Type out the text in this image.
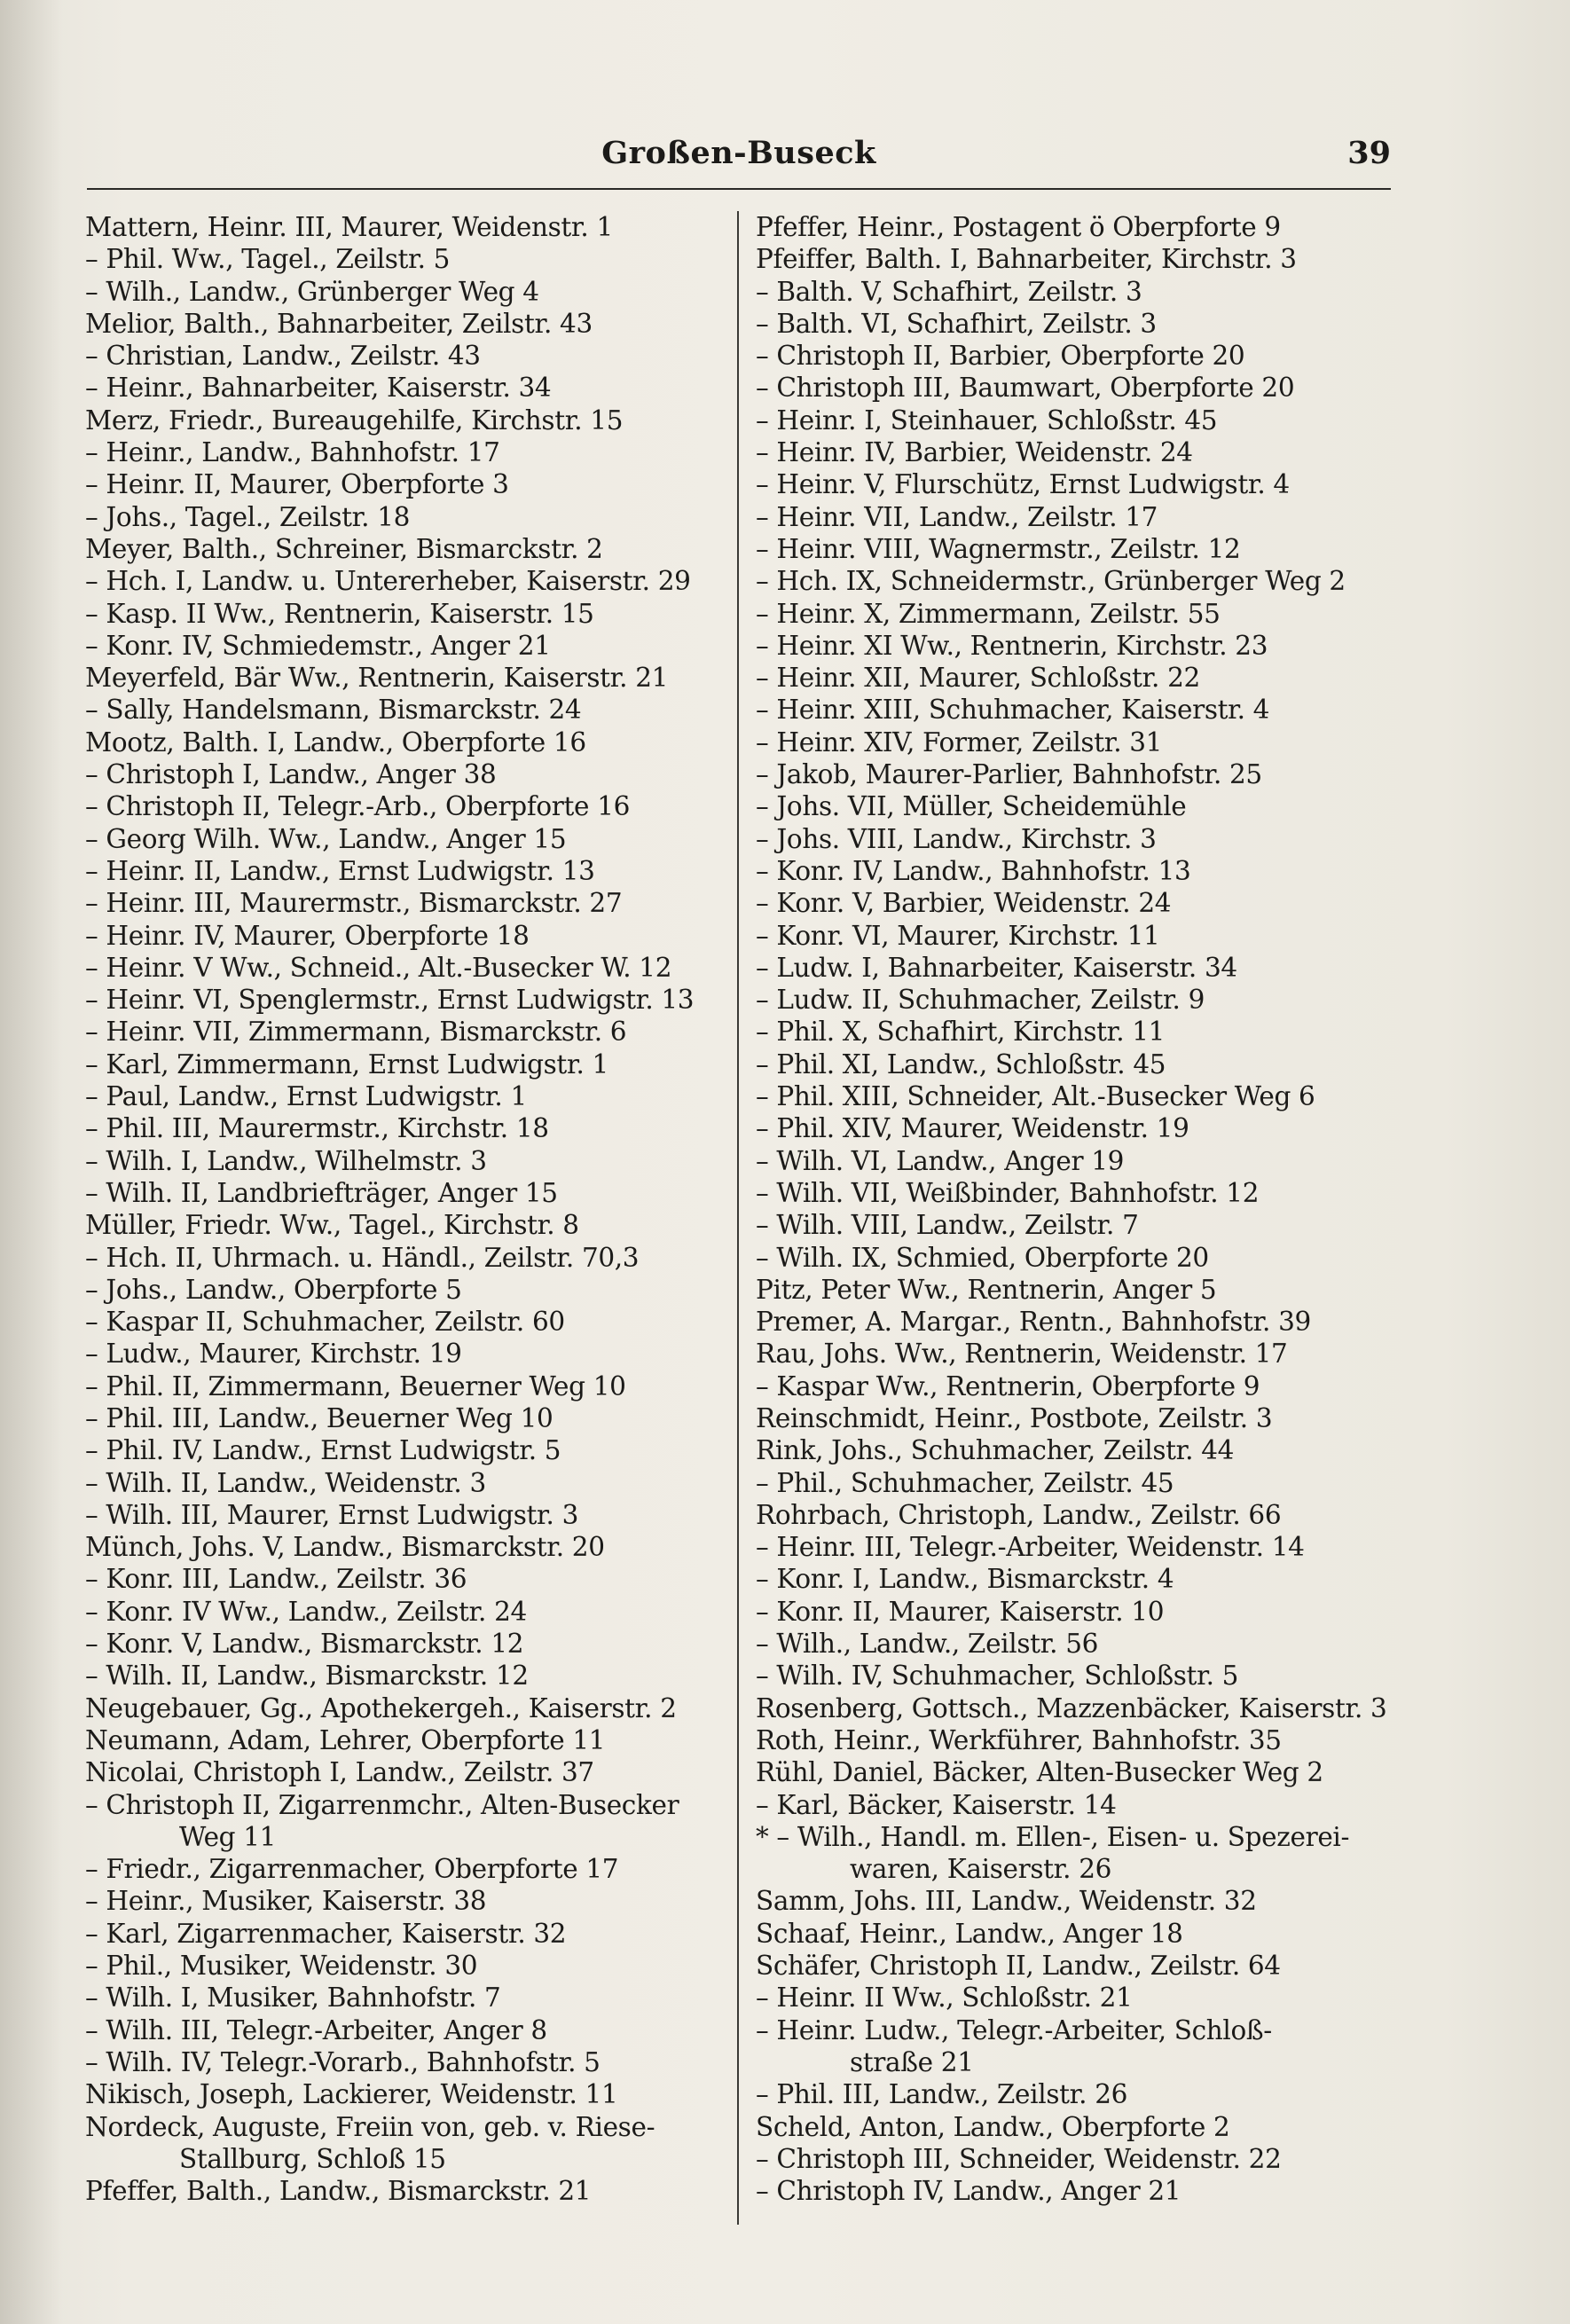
Großen-Buseck	39
Mattern, Heinr. III, Maurer, Weidenstr. 1
– Phil. Ww., Tagel., Zeilstr. 5
– Wilh., Landw., Grünberger Weg 4
Melior, Balth., Bahnarbeiter, Zeilstr. 43
– Christian, Landw., Zeilstr. 43
– Heinr., Bahnarbeiter, Kaiserstr. 34
Merz, Friedr., Bureaugehilfe, Kirchstr. 15
– Heinr., Landw., Bahnhofstr. 17
– Heinr. II, Maurer, Oberpforte 3
– Johs., Tagel., Zeilstr. 18
Meyer, Balth., Schreiner, Bismarckstr. 2
– Hch. I, Landw. u. Untererheber, Kaiserstr. 29
– Kasp. II Ww., Rentnerin, Kaiserstr. 15
– Konr. IV, Schmiedemstr., Anger 21
Meyerfeld, Bär Ww., Rentnerin, Kaiserstr. 21
– Sally, Handelsmann, Bismarckstr. 24
Mootz, Balth. I, Landw., Oberpforte 16
– Christoph I, Landw., Anger 38
– Christoph II, Telegr.-Arb., Oberpforte 16
– Georg Wilh. Ww., Landw., Anger 15
– Heinr. II, Landw., Ernst Ludwigstr. 13
– Heinr. III, Maurermstr., Bismarckstr. 27
– Heinr. IV, Maurer, Oberpforte 18
– Heinr. V Ww., Schneid., Alt.-Busecker W. 12
– Heinr. VI, Spenglermstr., Ernst Ludwigstr. 13
– Heinr. VII, Zimmermann, Bismarckstr. 6
– Karl, Zimmermann, Ernst Ludwigstr. 1
– Paul, Landw., Ernst Ludwigstr. 1
– Phil. III, Maurermstr., Kirchstr. 18
– Wilh. I, Landw., Wilhelmstr. 3
– Wilh. II, Landbriefträger, Anger 15
Müller, Friedr. Ww., Tagel., Kirchstr. 8
– Hch. II, Uhrmach. u. Händl., Zeilstr. 70,3
– Johs., Landw., Oberpforte 5
– Kaspar II, Schuhmacher, Zeilstr. 60
– Ludw., Maurer, Kirchstr. 19
– Phil. II, Zimmermann, Beuerner Weg 10
– Phil. III, Landw., Beuerner Weg 10
– Phil. IV, Landw., Ernst Ludwigstr. 5
– Wilh. II, Landw., Weidenstr. 3
– Wilh. III, Maurer, Ernst Ludwigstr. 3
Münch, Johs. V, Landw., Bismarckstr. 20
– Konr. III, Landw., Zeilstr. 36
– Konr. IV Ww., Landw., Zeilstr. 24
– Konr. V, Landw., Bismarckstr. 12
– Wilh. II, Landw., Bismarckstr. 12
Neugebauer, Gg., Apothekergeh., Kaiserstr. 2
Neumann, Adam, Lehrer, Oberpforte 11
Nicolai, Christoph I, Landw., Zeilstr. 37
– Christoph II, Zigarrenmchr., Alten-Busecker
Weg 11
– Friedr., Zigarrenmacher, Oberpforte 17
– Heinr., Musiker, Kaiserstr. 38
– Karl, Zigarrenmacher, Kaiserstr. 32
– Phil., Musiker, Weidenstr. 30
– Wilh. I, Musiker, Bahnhofstr. 7
– Wilh. III, Telegr.-Arbeiter, Anger 8
– Wilh. IV, Telegr.-Vorarb., Bahnhofstr. 5
Nikisch, Joseph, Lackierer, Weidenstr. 11
Nordeck, Auguste, Freiin von, geb. v. Riese-
Stallburg, Schloß 15
Pfeffer, Balth., Landw., Bismarckstr. 21
Pfeffer, Heinr., Postagent ö Oberpforte 9
Pfeiffer, Balth. I, Bahnarbeiter, Kirchstr. 3
– Balth. V, Schafhirt, Zeilstr. 3
– Balth. VI, Schafhirt, Zeilstr. 3
– Christoph II, Barbier, Oberpforte 20
– Christoph III, Baumwart, Oberpforte 20
– Heinr. I, Steinhauer, Schloßstr. 45
– Heinr. IV, Barbier, Weidenstr. 24
– Heinr. V, Flurschütz, Ernst Ludwigstr. 4
– Heinr. VII, Landw., Zeilstr. 17
– Heinr. VIII, Wagnermstr., Zeilstr. 12
– Hch. IX, Schneidermstr., Grünberger Weg 2
– Heinr. X, Zimmermann, Zeilstr. 55
– Heinr. XI Ww., Rentnerin, Kirchstr. 23
– Heinr. XII, Maurer, Schloßstr. 22
– Heinr. XIII, Schuhmacher, Kaiserstr. 4
– Heinr. XIV, Former, Zeilstr. 31
– Jakob, Maurer-Parlier, Bahnhofstr. 25
– Johs. VII, Müller, Scheidemühle
– Johs. VIII, Landw., Kirchstr. 3
– Konr. IV, Landw., Bahnhofstr. 13
– Konr. V, Barbier, Weidenstr. 24
– Konr. VI, Maurer, Kirchstr. 11
– Ludw. I, Bahnarbeiter, Kaiserstr. 34
– Ludw. II, Schuhmacher, Zeilstr. 9
– Phil. X, Schafhirt, Kirchstr. 11
– Phil. XI, Landw., Schloßstr. 45
– Phil. XIII, Schneider, Alt.-Busecker Weg 6
– Phil. XIV, Maurer, Weidenstr. 19
– Wilh. VI, Landw., Anger 19
– Wilh. VII, Weißbinder, Bahnhofstr. 12
– Wilh. VIII, Landw., Zeilstr. 7
– Wilh. IX, Schmied, Oberpforte 20
Pitz, Peter Ww., Rentnerin, Anger 5
Premer, A. Margar., Rentn., Bahnhofstr. 39
Rau, Johs. Ww., Rentnerin, Weidenstr. 17
– Kaspar Ww., Rentnerin, Oberpforte 9
Reinschmidt, Heinr., Postbote, Zeilstr. 3
Rink, Johs., Schuhmacher, Zeilstr. 44
– Phil., Schuhmacher, Zeilstr. 45
Rohrbach, Christoph, Landw., Zeilstr. 66
– Heinr. III, Telegr.-Arbeiter, Weidenstr. 14
– Konr. I, Landw., Bismarckstr. 4
– Konr. II, Maurer, Kaiserstr. 10
– Wilh., Landw., Zeilstr. 56
– Wilh. IV, Schuhmacher, Schloßstr. 5
Rosenberg, Gottsch., Mazzenbäcker, Kaiserstr. 3
Roth, Heinr., Werkführer, Bahnhofstr. 35
Rühl, Daniel, Bäcker, Alten-Busecker Weg 2
– Karl, Bäcker, Kaiserstr. 14
* – Wilh., Handl. m. Ellen-, Eisen- u. Spezerei-
waren, Kaiserstr. 26
Samm, Johs. III, Landw., Weidenstr. 32
Schaaf, Heinr., Landw., Anger 18
Schäfer, Christoph II, Landw., Zeilstr. 64
– Heinr. II Ww., Schloßstr. 21
– Heinr. Ludw., Telegr.-Arbeiter, Schloß-
straße 21
– Phil. III, Landw., Zeilstr. 26
Scheld, Anton, Landw., Oberpforte 2
– Christoph III, Schneider, Weidenstr. 22
– Christoph IV, Landw., Anger 21
